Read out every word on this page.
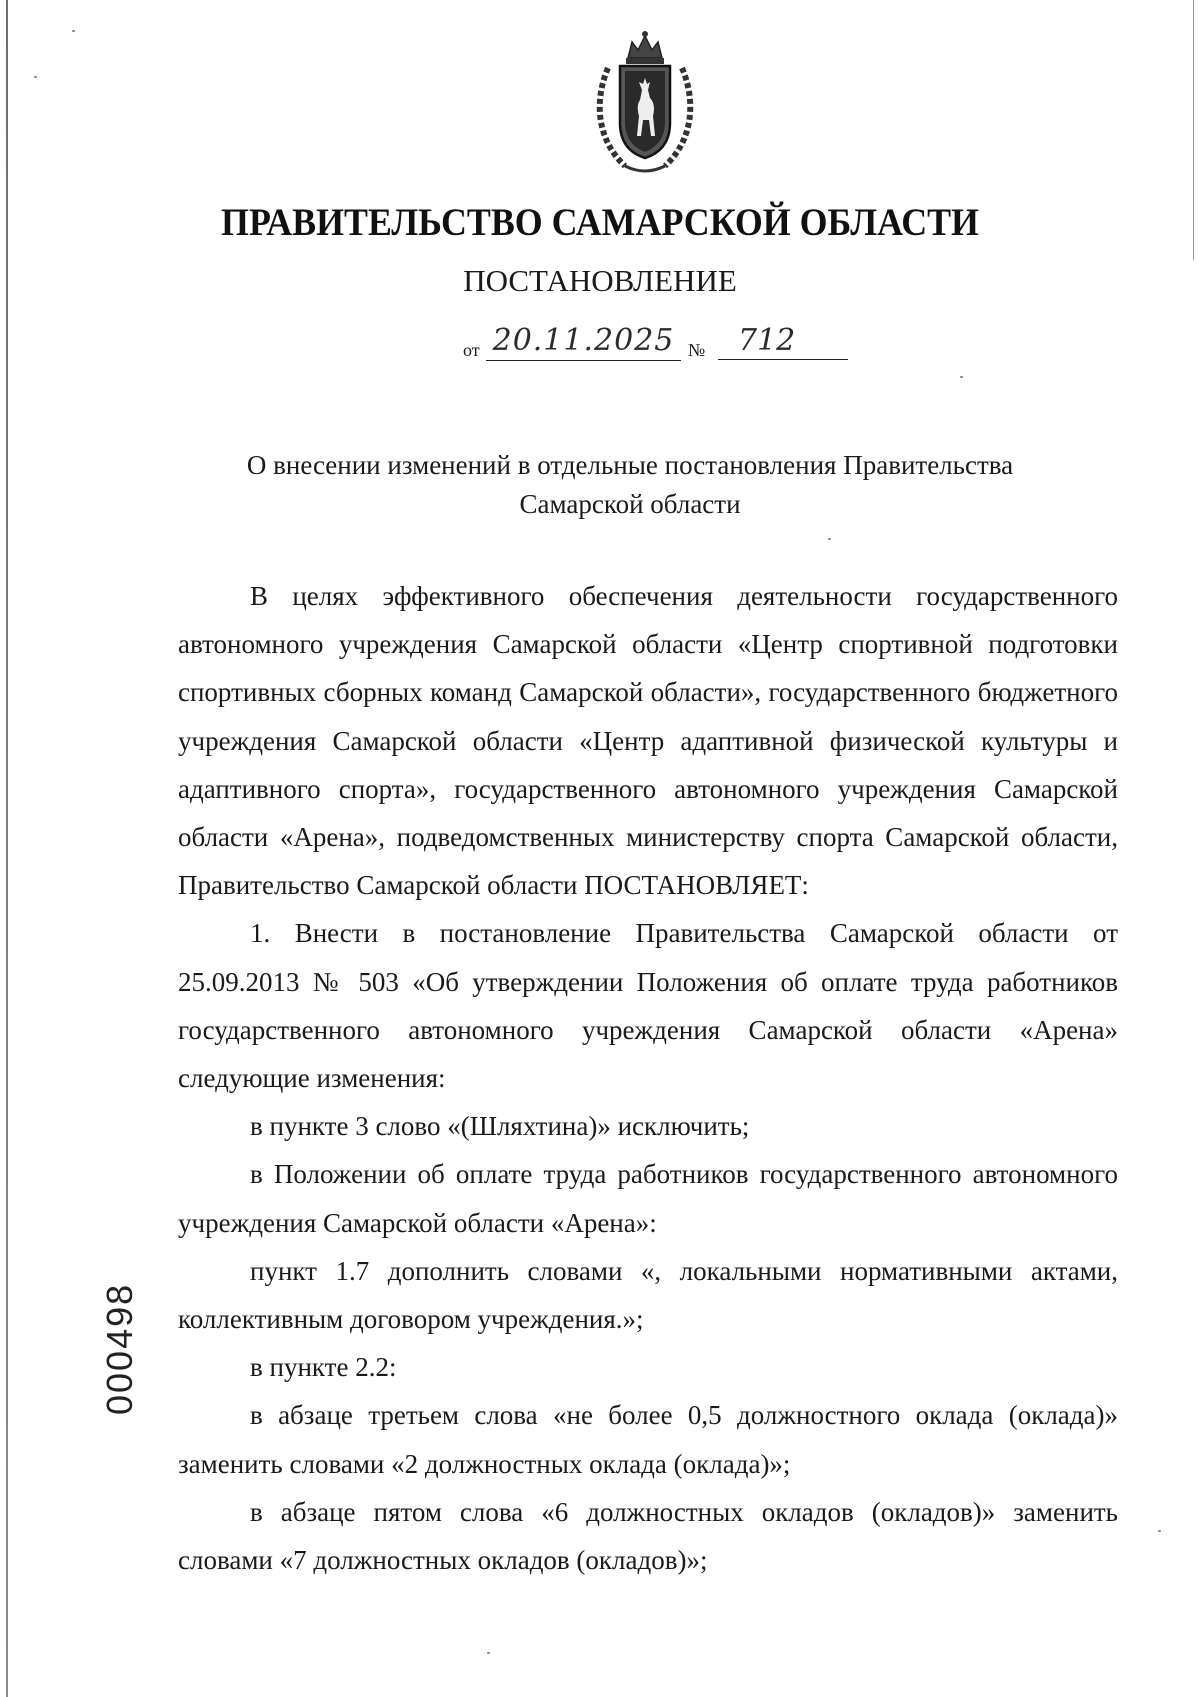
ПРАВИТЕЛЬСТВО САМАРСКОЙ ОБЛАСТИ
ПОСТАНОВЛЕНИЕ
от 20.11.2025 №	712
О внесении изменений в отдельные постановления Правительства Самарской области

В целях эффективного обеспечения деятельности государственного автономного учреждения Самарской области «Центр спортивной подготовки спортивных сборных команд Самарской области», государственного бюджетного учреждения Самарской области «Центр адаптивной физической культуры и адаптивного спорта», государственного автономного учреждения Самарской области «Арена», подведомственных министерству спорта Самарской области, Правительство Самарской области ПОСТАНОВЛЯЕТ:

1. Внести в постановление Правительства Самарской области от 25.09.2013 № 503 «Об утверждении Положения об оплате труда работников государственного автономного учреждения Самарской области «Арена» следующие изменения:

в пункте 3 слово «(Шляхтина)» исключить;

в Положении об оплате труда работников государственного автономного учреждения Самарской области «Арена»:

пункт 1.7 дополнить словами «, локальными нормативными актами, коллективным договором учреждения.»;

в пункте 2.2:

в абзаце третьем слова «не более 0,5 должностного оклада (оклада)» заменить словами «2 должностных оклада (оклада)»;

в абзаце пятом слова «6 должностных окладов (окладов)» заменить словами «7 должностных окладов (окладов)»;

000498
